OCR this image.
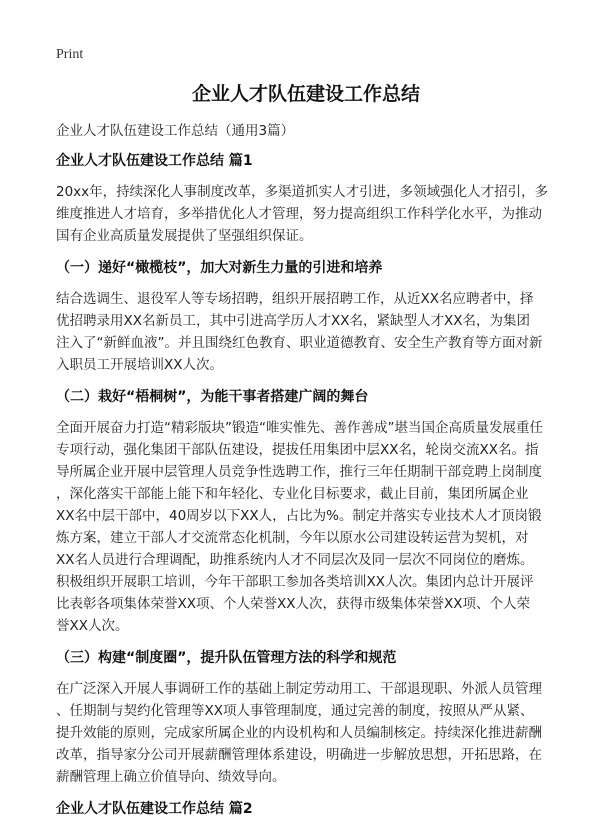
Print
企业人才队伍建设工作总结
企业人才队伍建设工作总结（通用3篇）
企业人才队伍建设工作总结 篇1
20xx年，持续深化人事制度改革，多渠道抓实人才引进，多领域强化人才招引，多
维度推进人才培育，多举措优化人才管理，努力提高组织工作科学化水平，为推动
国有企业高质量发展提供了坚强组织保证。
（一）递好“橄榄枝”，加大对新生力量的引进和培养
结合选调生、退役军人等专场招聘，组织开展招聘工作，从近XX名应聘者中，择
优招聘录用XX名新员工，其中引进高学历人才XX名，紧缺型人才XX名，为集团
注入了“新鲜血液”。并且围绕红色教育、职业道德教育、安全生产教育等方面对新
入职员工开展培训XX人次。
（二）栽好“梧桐树”，为能干事者搭建广阔的舞台
全面开展奋力打造“精彩版块”锻造“唯实惟先、善作善成”堪当国企高质量发展重任
专项行动，强化集团干部队伍建设，提拔任用集团中层XX名，轮岗交流XX名。指
导所属企业开展中层管理人员竞争性选聘工作，推行三年任期制干部竞聘上岗制度
，深化落实干部能上能下和年轻化、专业化目标要求，截止目前，集团所属企业
XX名中层干部中，40周岁以下XX人，占比为%。制定并落实专业技术人才顶岗锻
炼方案，建立干部人才交流常态化机制，今年以原水公司建设转运营为契机，对
XX名人员进行合理调配，助推系统内人才不同层次及同一层次不同岗位的磨炼。
积极组织开展职工培训，今年干部职工参加各类培训XX人次。集团内总计开展评
比表彰各项集体荣誉XX项、个人荣誉XX人次，获得市级集体荣誉XX项、个人荣
誉XX人次。
（三）构建“制度圈”，提升队伍管理方法的科学和规范
在广泛深入开展人事调研工作的基础上制定劳动用工、干部退现职、外派人员管理
、任期制与契约化管理等XX项人事管理制度，通过完善的制度，按照从严从紧、
提升效能的原则，完成家所属企业的内设机构和人员编制核定。持续深化推进薪酬
改革，指导家分公司开展薪酬管理体系建设，明确进一步解放思想，开拓思路，在
薪酬管理上确立价值导向、绩效导向。
企业人才队伍建设工作总结 篇2
